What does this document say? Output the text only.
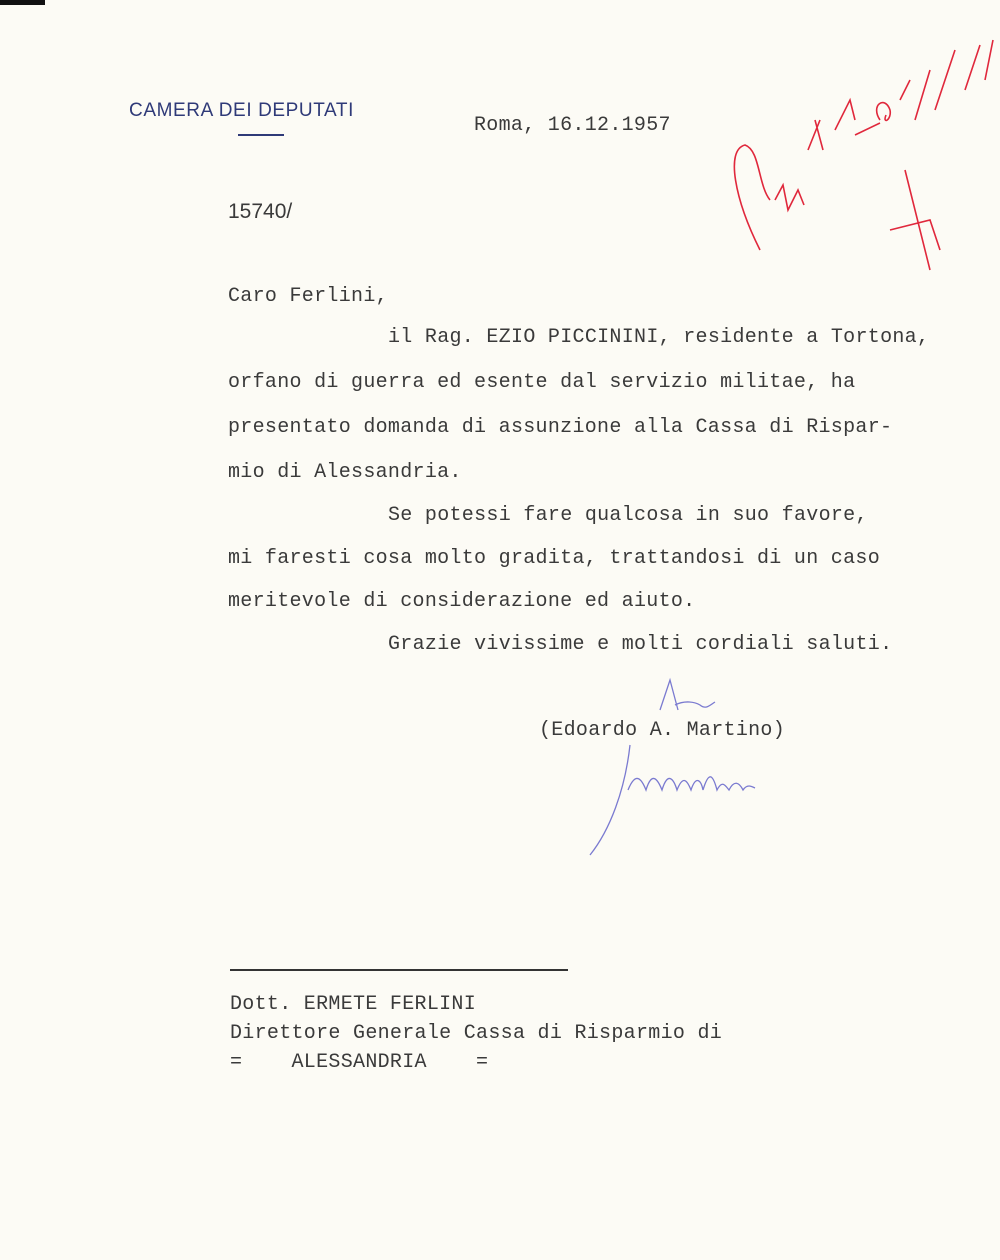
CAMERA DEI DEPUTATI
Roma, 16.12.1957
15740/
Caro Ferlini,
il Rag. EZIO PICCININI, residente a Tortona,
orfano di guerra ed esente dal servizio militae, ha
presentato domanda di assunzione alla Cassa di Rispar-
mio di Alessandria.
Se potessi fare qualcosa in suo favore,
mi faresti cosa molto gradita, trattandosi di un caso
meritevole di considerazione ed aiuto.
Grazie vivissime e molti cordiali saluti.
(Edoardo A. Martino)
Dott. ERMETE FERLINI
Direttore Generale Cassa di Risparmio di
=    ALESSANDRIA    =
